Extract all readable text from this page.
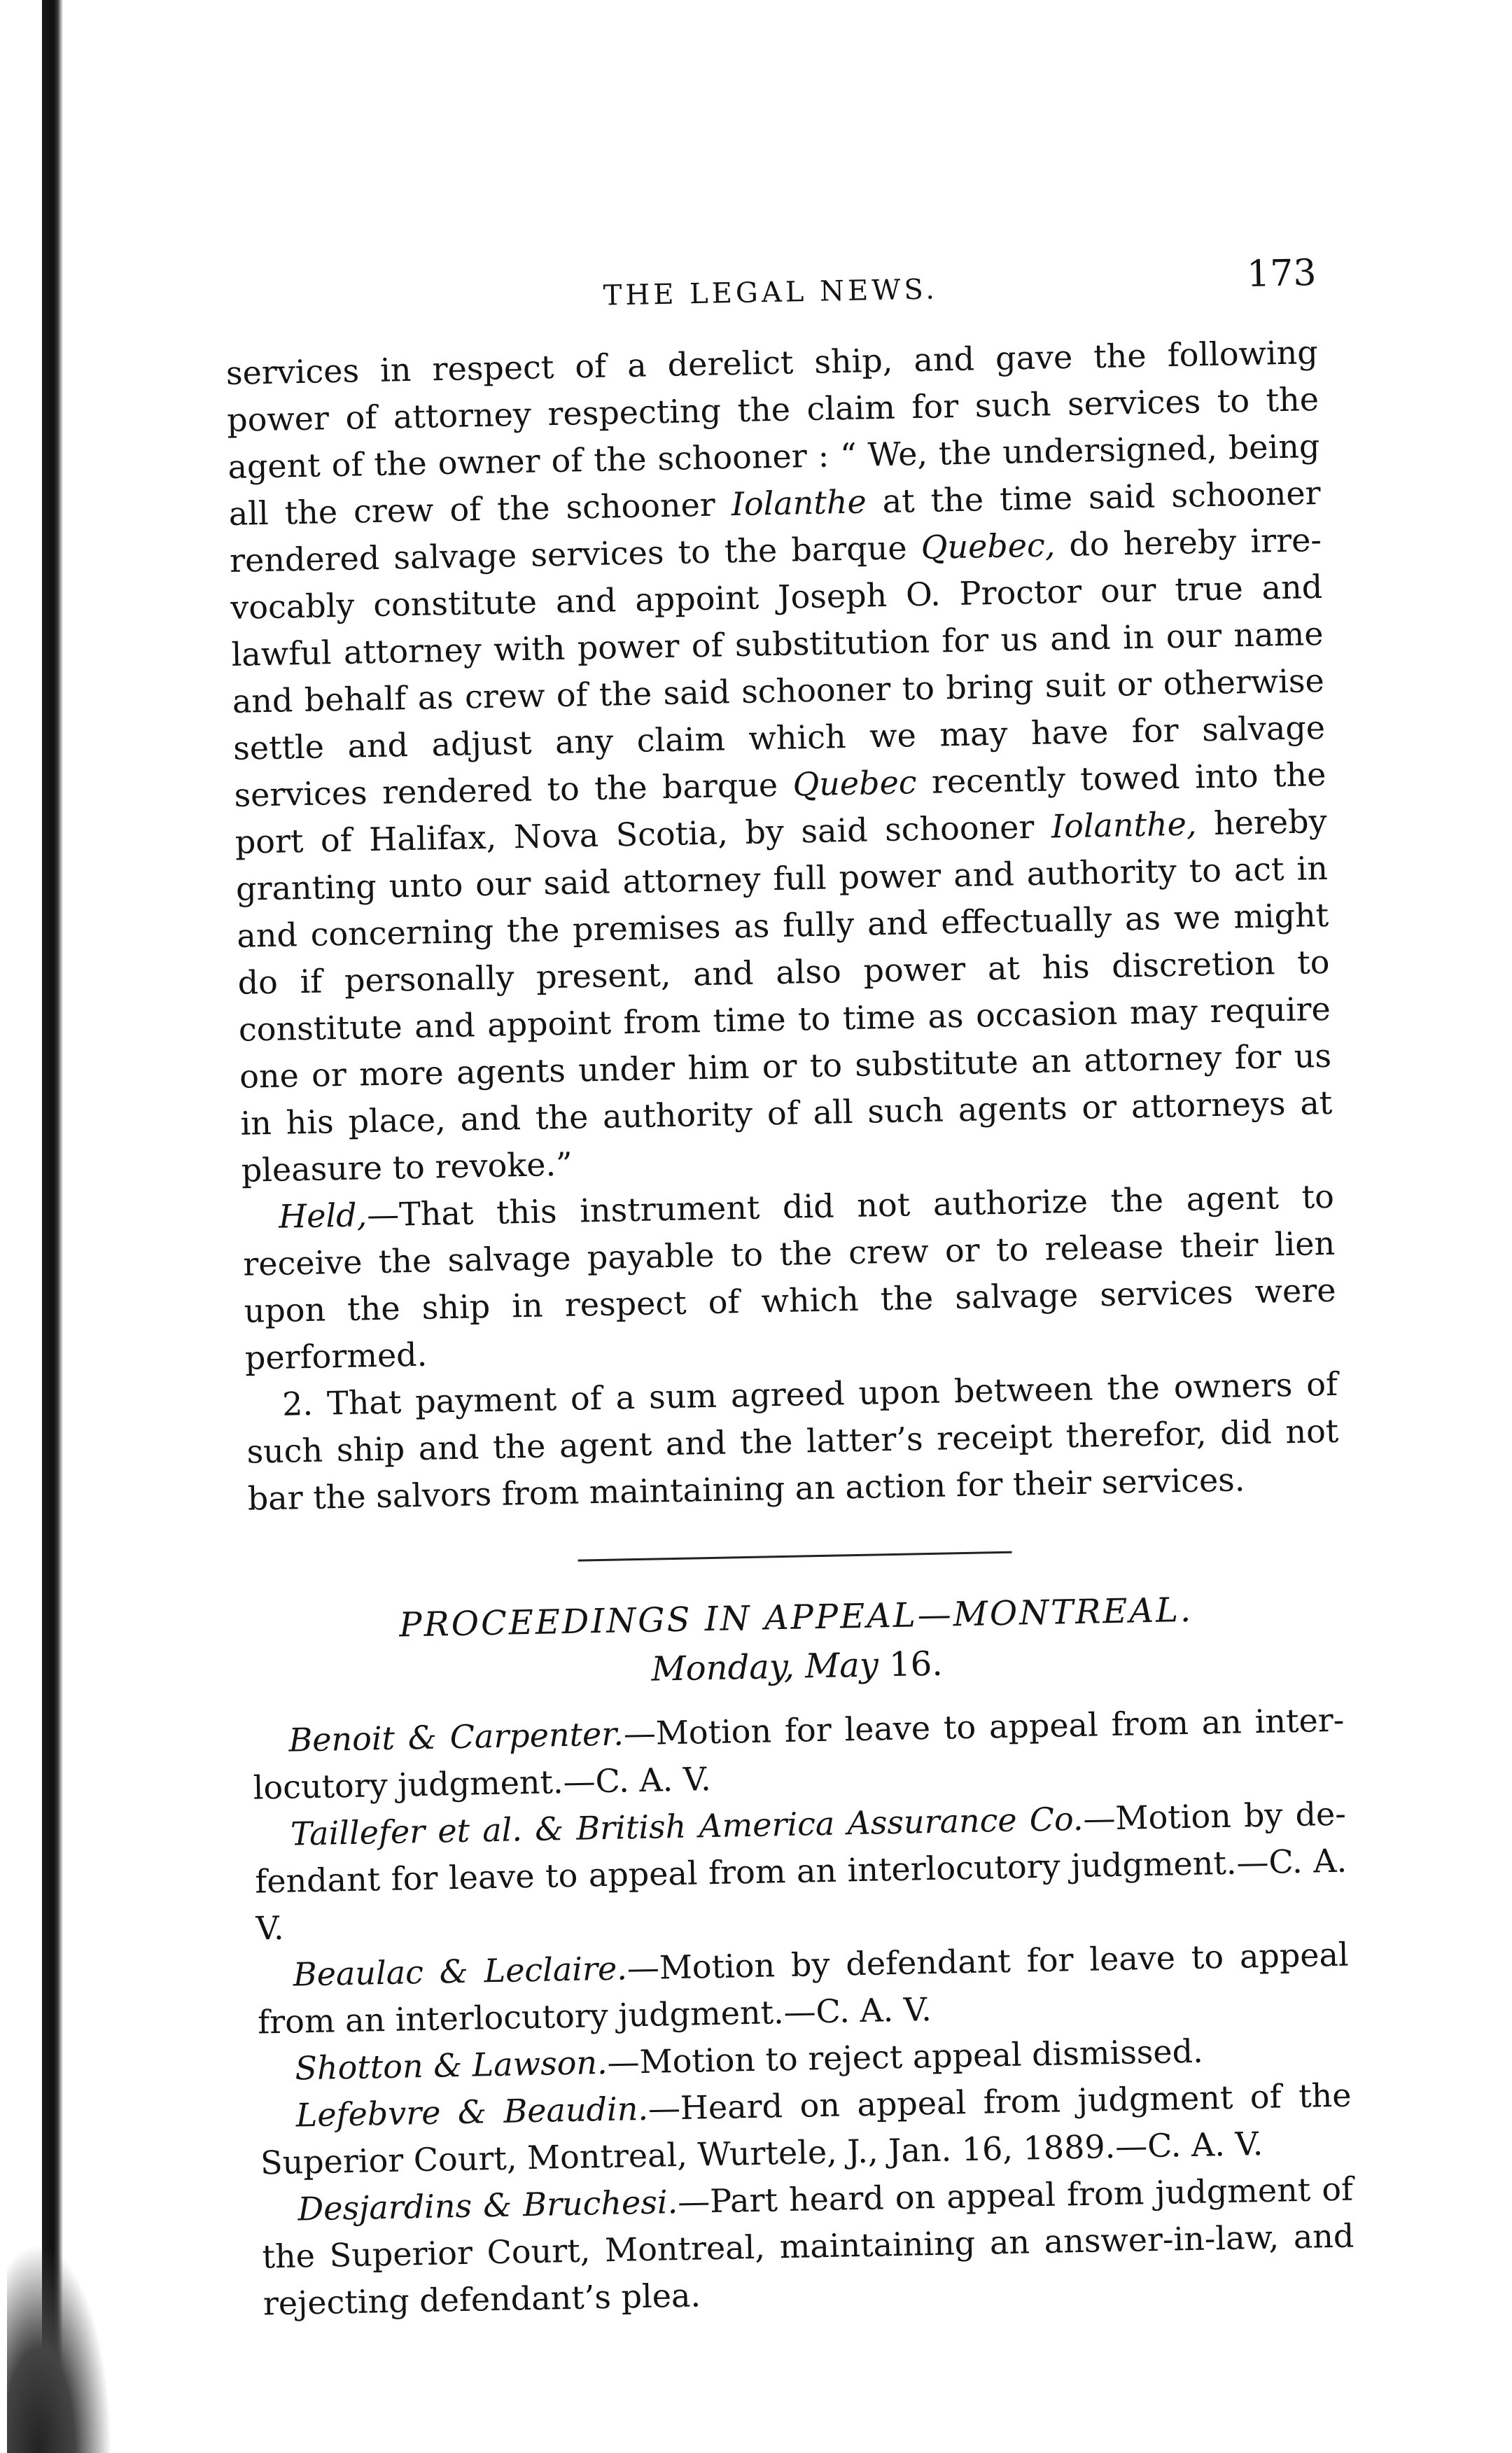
THE LEGAL NEWS.	173

services in respect of a derelict ship, and gave the following power of attorney respecting the claim for such services to the agent of the owner of the schooner : “ We, the undersigned, being all the crew of the schooner Iolanthe at the time said schooner rendered salvage services to the barque Quebec, do hereby irrevocably constitute and appoint Joseph O. Proctor our true and lawful attorney with power of substitution for us and in our name and behalf as crew of the said schooner to bring suit or otherwise settle and adjust any claim which we may have for salvage services rendered to the barque Quebec recently towed into the port of Halifax, Nova Scotia, by said schooner Iolanthe, hereby granting unto our said attorney full power and authority to act in and concerning the premises as fully and effectually as we might do if personally present, and also power at his discretion to constitute and appoint from time to time as occasion may require one or more agents under him or to substitute an attorney for us in his place, and the authority of all such agents or attorneys at pleasure to revoke.”

Held,—That this instrument did not authorize the agent to receive the salvage payable to the crew or to release their lien upon the ship in respect of which the salvage services were performed.

2. That payment of a sum agreed upon between the owners of such ship and the agent and the latter’s receipt therefor, did not bar the salvors from maintaining an action for their services.

PROCEEDINGS IN APPEAL—MONTREAL.
Monday, May 16.

Benoit & Carpenter.—Motion for leave to appeal from an interlocutory judgment.—C. A. V.

Taillefer et al. & British America Assurance Co.—Motion by defendant for leave to appeal from an interlocutory judgment.—C. A. V.

Beaulac & Leclaire.—Motion by defendant for leave to appeal from an interlocutory judgment.—C. A. V.

Shotton & Lawson.—Motion to reject appeal dismissed.

Lefebvre & Beaudin.—Heard on appeal from judgment of the Superior Court, Montreal, Wurtele, J., Jan. 16, 1889.—C. A. V.

Desjardins & Bruchesi.—Part heard on appeal from judgment of the Superior Court, Montreal, maintaining an answer-in-law, and rejecting defendant’s plea.
